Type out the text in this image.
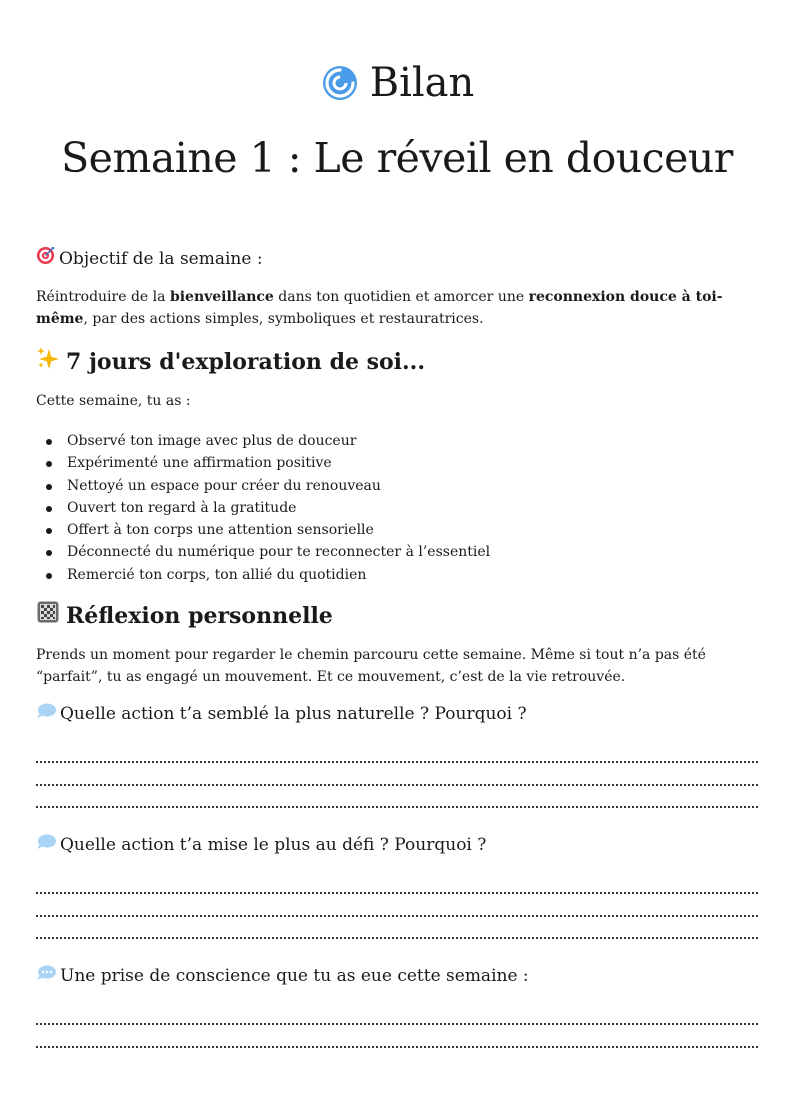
Bilan
Semaine 1 : Le réveil en douceur
Objectif de la semaine :

Réintroduire de la bienveillance dans ton quotidien et amorcer une reconnexion douce à toi-même, par des actions simples, symboliques et restauratrices.

7 jours d'exploration de soi...

Cette semaine, tu as :

Observé ton image avec plus de douceur
Expérimenté une affirmation positive
Nettoyé un espace pour créer du renouveau
Ouvert ton regard à la gratitude
Offert à ton corps une attention sensorielle
Déconnecté du numérique pour te reconnecter à l’essentiel
Remercié ton corps, ton allié du quotidien
Réflexion personnelle

Prends un moment pour regarder le chemin parcouru cette semaine. Même si tout n’a pas été “parfait”, tu as engagé un mouvement. Et ce mouvement, c’est de la vie retrouvée.

Quelle action t’a semblé la plus naturelle ? Pourquoi ?
Quelle action t’a mise le plus au défi ? Pourquoi ?
Une prise de conscience que tu as eue cette semaine :
